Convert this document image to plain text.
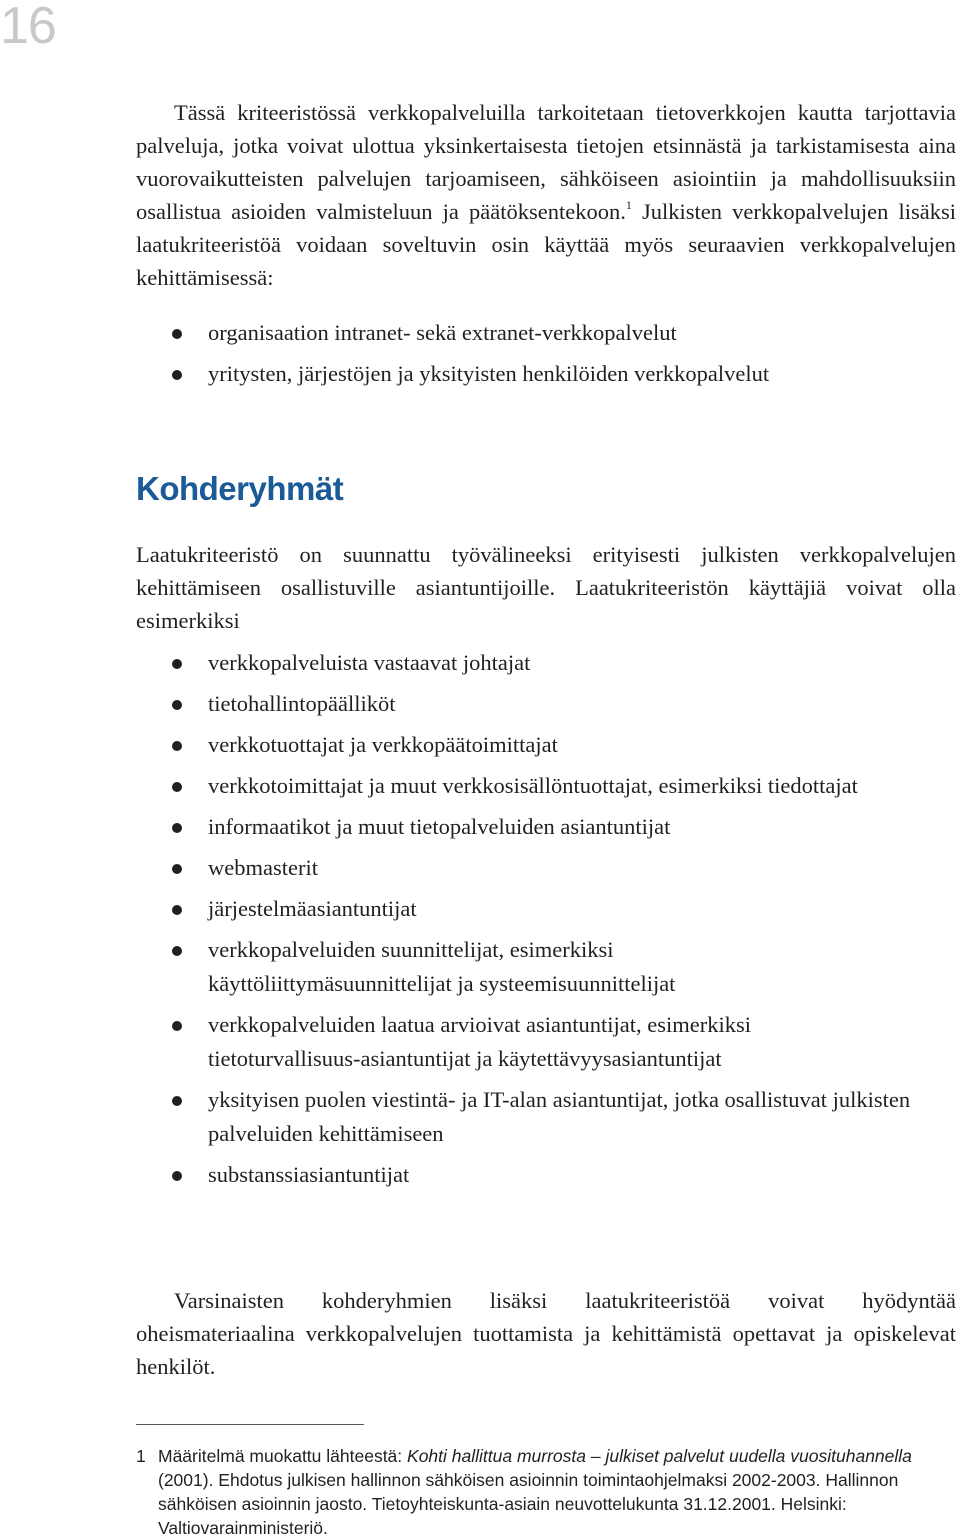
16

Tässä kriteeristössä verkkopalveluilla tarkoitetaan tietoverkkojen kautta tarjottavia palveluja, jotka voivat ulottua yksinkertaisesta tietojen etsinnästä ja tarkistamisesta aina vuorovaikutteisten palvelujen tarjoamiseen, sähköiseen asiointiin ja mahdollisuuksiin osallistua asioiden valmisteluun ja päätöksentekoon.$^1$ Julkisten verkkopalvelujen lisäksi laatukriteeristöä voidaan soveltuvin osin käyttää myös seuraavien verkkopalvelujen kehittämisessä:

organisaation intranet- sekä extranet-verkkopalvelut
yritysten, järjestöjen ja yksityisten henkilöiden verkkopalvelut
Kohderyhmät

Laatukriteeristö on suunnattu työvälineeksi erityisesti julkisten verkkopalvelujen kehittämiseen osallistuville asiantuntijoille. Laatukriteeristön käyttäjiä voivat olla esimerkiksi

verkkopalveluista vastaavat johtajat
tietohallintopäälliköt
verkkotuottajat ja verkkopäätoimittajat
verkkotoimittajat ja muut verkkosisällöntuottajat, esimerkiksi tiedottajat
informaatikot ja muut tietopalveluiden asiantuntijat
webmasterit
järjestelmäasiantuntijat
verkkopalveluiden suunnittelijat, esimerkiksi käyttöliittymäsuunnittelijat ja systeemisuunnittelijat
verkkopalveluiden laatua arvioivat asiantuntijat, esimerkiksi tietoturvallisuus-asiantuntijat ja käytettävyysasiantuntijat
yksityisen puolen viestintä- ja IT-alan asiantuntijat, jotka osallistuvat julkisten palveluiden kehittämiseen
substanssiasiantuntijat

Varsinaisten kohderyhmien lisäksi laatukriteeristöä voivat hyödyntää oheismateriaalina verkkopalvelujen tuottamista ja kehittämistä opettavat ja opiskelevat henkilöt.

1 Määritelmä muokattu lähteestä: Kohti hallittua murrosta – julkiset palvelut uudella vuosituhannella (2001). Ehdotus julkisen hallinnon sähköisen asioinnin toimintaohjelmaksi 2002-2003. Hallinnon sähköisen asioinnin jaosto. Tietoyhteiskunta-asiain neuvottelukunta 31.12.2001. Helsinki: Valtiovarainministeriö.
